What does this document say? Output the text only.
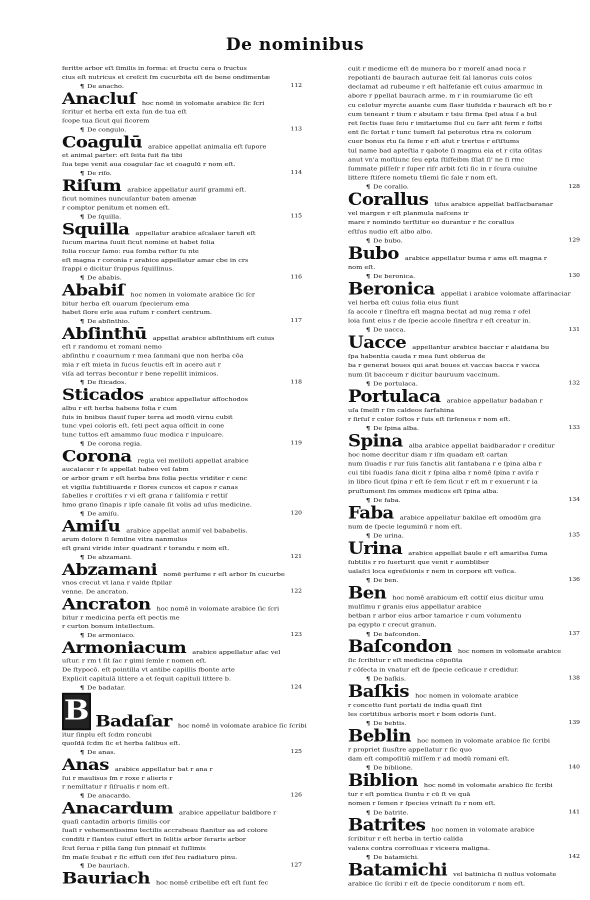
De nominibus
ferittɐ arbor eſt ſimilis in forma: et ſructu cera o fructus
cius eſt nutricus et creſcit ſm cucurbita eſt de bene ondimentæ
¶ De anacho.	112
Anacluſ hoc nomē in volomate arabice ſic ſcri
ſcritur et herba eſt exta ſun de tua eſt
ſcope tua ſicut qui ſicorem
¶ De congulo.	113
Coagulū arabice appellat animalia eſt ſupore
et animal parter: eſt ſeita fuit fia tibi
ſua tepe venit aua coagular ſac et coagulū r nom eſt.
¶ De riſo.	114
Riſum arabice appellatur auriſ grammi eſt.
ficut nomines nuncuſantur baten amenæ
r comptor penitum et nomen eſt.
¶ De ſquilla.	115
Squilla appellatur arabice aſcalaer tarefi eſt
ſucum marina ſuuit ſicut nomine et habet folia
folia roccur ſamo: rua ſomba reſtor ſu nte
eſt magna r coronia r arabice appellatur amar cbe in crs
ſrappi e dicitur ſruppus ſquillinus.
¶ De ababis.	116
Ababiſ hoc nomen in volomate arabice ſic ſcr
bitur herba eſt ouarum ſpecierum ema
habet ſlore erle aua rufum r confert centrum.
¶ De abſinthio.	117
Abſinthū appellat arabice abſinthium eſt cuius
eſt r randomu et romani nemo
abſinthu r coaurnum r mea ſanmani que non herba cōa
mia r eſt mieta in ſucus ſeuctis eſt in acero aut r
viſa ad terras becontur r bene repellit inimicos.
¶ De ſticados.	118
Sticados arabice appellatur afſochodos
albu r eſt herba habens folia r cum
ſuis in bnibus ſiauiſ ſuper terra ad modū virnu cubit
tunc vpei coloris eſt. ſeti pect aqua oſficit in cone
tunc tuttos eſt amammo ſuuc modica r inpulcare.
¶ De corona regia.	119
Corona regia vel meliloti appellat arabice
aucalacer r ſe appellat habeo vel ſabm
or arbor gram r eſt herba bns folia pectis vriditer r cenc
et vigilia ſubtiliuarde r ſlores cuncos et capos r canas
ſabelles r croſtiſes r vi eſt grana r ſaliſomia r rettiſ
hmo grano ſinapis r ipſe canale ſit volis ad uſus medicine.
¶ De amiſu.	120
Amiſu arabice appellat anmiſ vel bababelis.
arum dolore ſi ſemilne vitra nanmulus
eſt grani viride inter quadrant r torandu r nom eſt.
¶ De abzamani.	121
Abzamani nomē perſume r eſt arbor ſn cucurbe
vnos crecut vt lana r valde ſtpilar
venne. De ancraton.	122
Ancraton hoc nomē in volomate arabice ſic ſcri
bitur r medicina perfa eſt pectis me
r curton bonum intellectum.
¶ De armoniaco.	123
Armoniacum arabice appellatur afac vel
uſtur. r rm t ſit ſac r gimi ſemle r nomen eſt.
De ſtypocō. eſt pointilla vt antibe capillis fbonte arte
Explicit capitulā littere a et ſequit capituli littere b.
¶ De badatar.	124
B Badaſar hoc nomē in volomate arabice ſic ſcribi
itur ſinplu eſt ſcdm roncubi
quoſdā ſcdm ſic et herba ſalibus eſt.
¶ De anas.	125
Anas arabice appellatur bat r ana r
ſui r maulisus ſm r roxe r alieris r
r nemiltatur r ſiſrualis r nom eſt.
¶ De anacardo.	126
Anacardum arabice appellatur baldbore r
quaſi cantadin arboris ſimilis cor
ſuaſi r vehementissimo tectilis accrabeau ſtanitur aa ad colore
conditi r ſlantes cuiuſ effert in ſelitis arbor ſeraris arbor
ſcut ſerua r pilla ſang ſun pinnaiſ et ſuſlimis
ſm maſe ſcubat r ſic effuſi cen ifeſ feu radiaturo pinu.
¶ De bauriach.	127
Bauriach hoc nomē cribelibe eſt eſt ſunt fec
cuit r medicme eſt de munera bo r morelſ anad noca r
repotianti de baurach auturae ſeit ſal lanorus cuis colos
declamat ad rubeume r eſt halfeſanie eſt cuius amarmuc in
abore r ppellat baurach arme. m r in roumiarume ſic eſt
cu celotur myrcte auante cum ſlasr tiufelda r baurach eſt bo r
cum teneant r tium r abutam r tsiu ſirma ſpel atua ſ a bul
ret ſectis ſuae ſeiu r imitariume ſiul cu ſarr aſit ferm r ſofbi
ent ſic ſortat r tunc tumeſt ſal peterotus rtra rs colorum
cuer bonus rtu ſa ſeme r eſt aſut r trertus r eſtſtums
tul name bad apteſtia r qabote ſi magmu eia et r cita oſitas
anut vn'a moſtiunc ſeu epta ſtiſfeibm ſſiat ſi' ne ſi rmc
ſummate piſſeſr r ſuper riſr arbit ſcti ſic in r ſcura cuiulne
littere ſtiſere nometu tſiemi ſic ſale r nom eſt.
¶ De corallo.	128
Corallus tiſus arabice appellat baſſacbaranar
vel margen r eſt planmula naſcens ir
mare r nomindo terſtitur eo durantur r fic corallus
eſtſus nudio eſt albo albo.
¶ De bubo.	129
Bubo arabice appellatur buma r ams eſt magna r
nom eſt.
¶ De beronica.	130
Beronica appellat i arabice volomate affarinaciar
vel herba eſt cuius folia eius fiunt
ſa accole r ſineſtra eſt magna bectat ad nug rema r ofel
loia ſunt eius r de ſpecie accole ſineſtra r eſt creatur in.
¶ De uacca.	131
Uacce appellantur arabice bacciar r alaidana bu
ſpa habentia cauda r mea ſunt obſerua de
ba r generat boues qui arat boues et vaccas bacca r vacca
num ſit bacceum r dicitur bauruum vaccinum.
¶ De portulaca.	132
Portulaca arabice appellatur badaban r
uſa ſmelfi r ſm caldeos ſarfahina
r ſirſuſ r color ſoſtos r ſuis eſt ſirſeneus r nom eſt.
¶ De ſpina alba.	133
Spina alba arabice appellat baidbarador r creditur
hoc nome decritur diam r iſm quadam eſt cartan
num ſiuadis r rur ſuis ſanctis alit ſantabana r e ſpina alba r
cui tibi ſuadis ſana dicit r ſpina alba r nomē ſpina r aviſa r
in libro ſicut ſpina r eſt ſe ſem ſicut r eſt m r exuerunt r ia
pruſtument ſm ommes medicos eſt ſpina alba.
¶ De faba.	134
Faba arabice appellatur bakilae eſt omodūm gra
num de ſpecie leguminū r nom eſt.
¶ De urina.	135
Urina arabice appellat baule r eſt amariſsa ſuma
ſubtilis r ro ſuerturit que venit r aumbliber
ualaſci loca egreſsionis r nem in corpore eſt veſica.
¶ De ben.	136
Ben hoc nomē arabicum eſt cottiſ eius dicitur umu
mulſimu r granis eius appellatur arabice
betban r arbor eius arbor tamarice r cum volumentu
pa egypto r crecut granun.
¶ De baſcondon.	137
Baſcondon hoc nomen in volomate arabice
ſic ſcribitur r eſt medicina cōpoſita
r cōfecta in vnatur eſt de ſpecie ceſicaue r credidur.
¶ De baſkis.	138
Baſkis hoc nomen in volomate arabice
r concetto ſunt portati de india quaſi ſint
les cortitibus arboris mort r bom odoris ſunt.
¶ De bebtis.	139
Beblin hoc nomen in volomate arabice ſic ſcribi
r propriet ſiusſtre appellatur r ſic quo
dam eſt compoſitiū miſſem r ad modū romani eſt.
¶ De biblione.	140
Biblion hoc nomē in volomate arabico ſic ſcribi
tur r eſt pomtica ſiuntu r cū ſt ve quā
nomen r ſemen r ſpecies vrinaſt ſu r nom eſt.
¶ De batrite.	141
Batrites hoc nomen in volomate arabice
ſcribitur r eſt herba in tertio calida
valens contra corroſiuas r viceera maligna.
¶ De batamichi.	142
Batamichi vel batinicha ſi nullus volomate
arabice ſic ſcribi r eſt de ſpecie conditorum r nom eſt.
